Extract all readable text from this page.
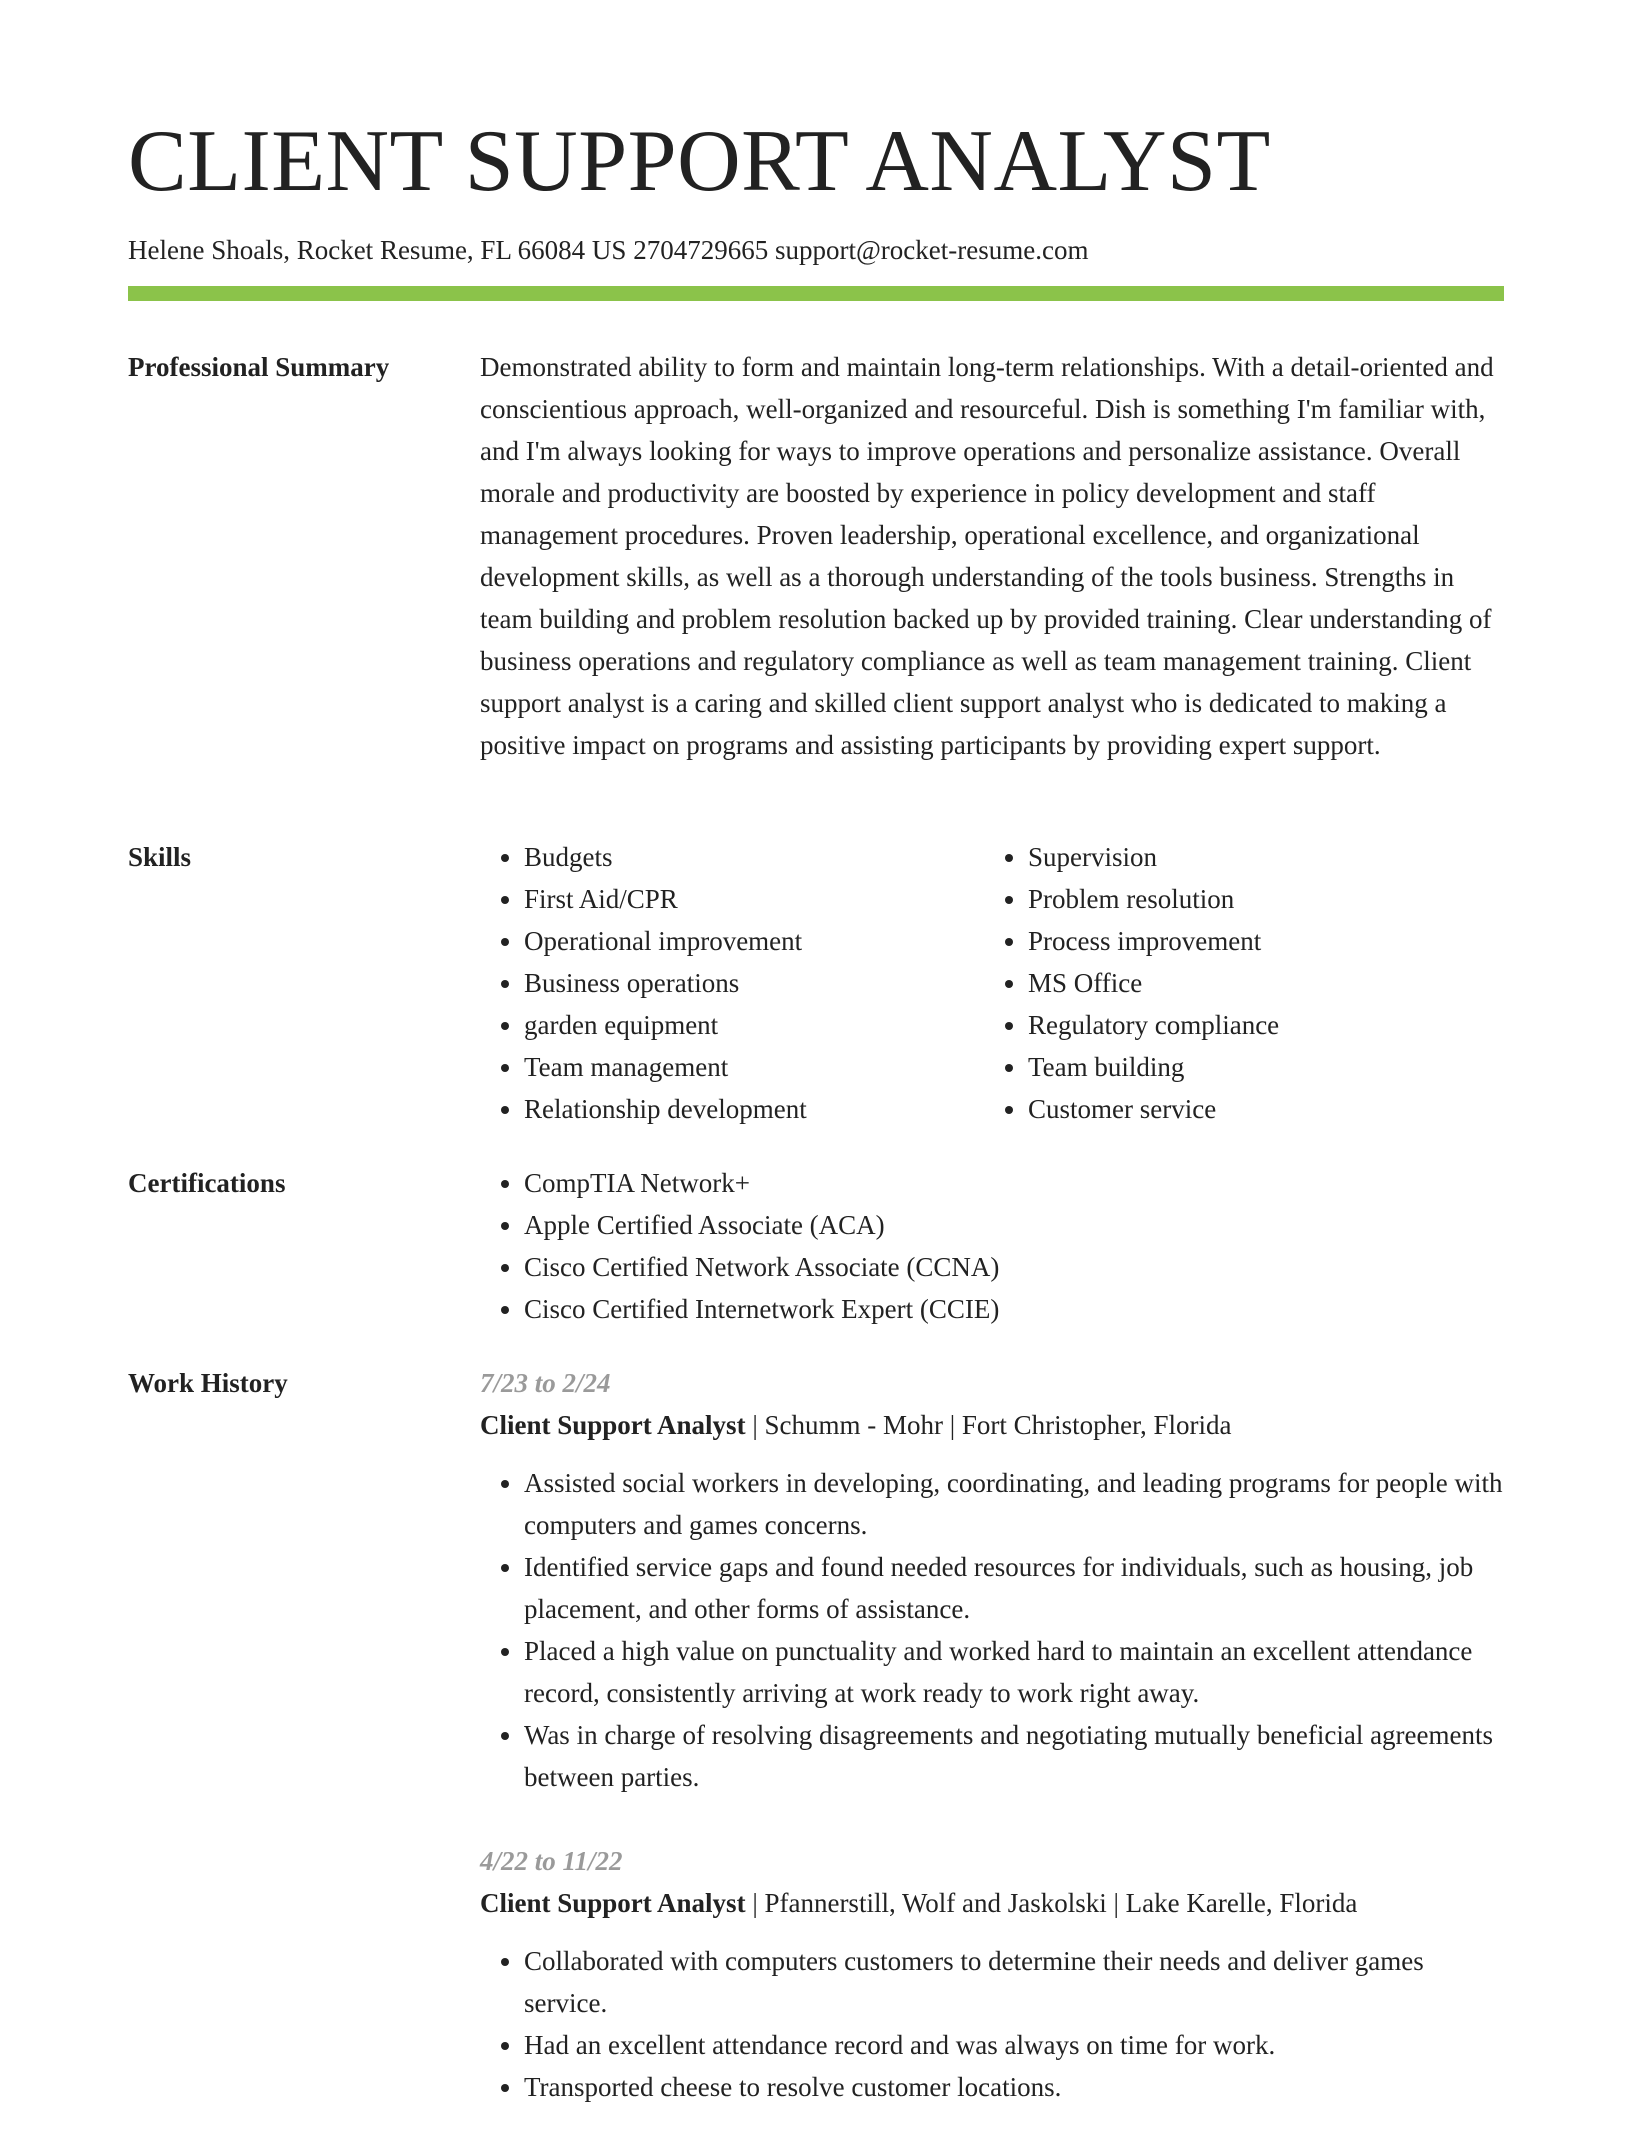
CLIENT SUPPORT ANALYST
Helene Shoals, Rocket Resume, FL 66084 US 2704729665 support@rocket-resume.com
Professional Summary	Demonstrated ability to form and maintain long-term relationships. With a detail-oriented and conscientious approach, well-organized and resourceful. Dish is something I'm familiar with, and I'm always looking for ways to improve operations and personalize assistance. Overall morale and productivity are boosted by experience in policy development and staff management procedures. Proven leadership, operational excellence, and organizational development skills, as well as a thorough understanding of the tools business. Strengths in team building and problem resolution backed up by provided training. Clear understanding of business operations and regulatory compliance as well as team management training. Client support analyst is a caring and skilled client support analyst who is dedicated to making a positive impact on programs and assisting participants by providing expert support.

Skills	• Budgets
• First Aid/CPR
• Operational improvement
• Business operations
• garden equipment
• Team management
• Relationship development
• Supervision
• Problem resolution
• Process improvement
• MS Office
• Regulatory compliance
• Team building
• Customer service
Certifications	• CompTIA Network+
• Apple Certified Associate (ACA)
• Cisco Certified Network Associate (CCNA)
• Cisco Certified Internetwork Expert (CCIE)
Work History	7/23 to 2/24
Client Support Analyst | Schumm - Mohr | Fort Christopher, Florida
• Assisted social workers in developing, coordinating, and leading programs for people with computers and games concerns.
• Identified service gaps and found needed resources for individuals, such as housing, job placement, and other forms of assistance.
• Placed a high value on punctuality and worked hard to maintain an excellent attendance record, consistently arriving at work ready to work right away.
• Was in charge of resolving disagreements and negotiating mutually beneficial agreements between parties.
4/22 to 11/22
Client Support Analyst | Pfannerstill, Wolf and Jaskolski | Lake Karelle, Florida
• Collaborated with computers customers to determine their needs and deliver games service.
• Had an excellent attendance record and was always on time for work.
• Transported cheese to resolve customer locations.
